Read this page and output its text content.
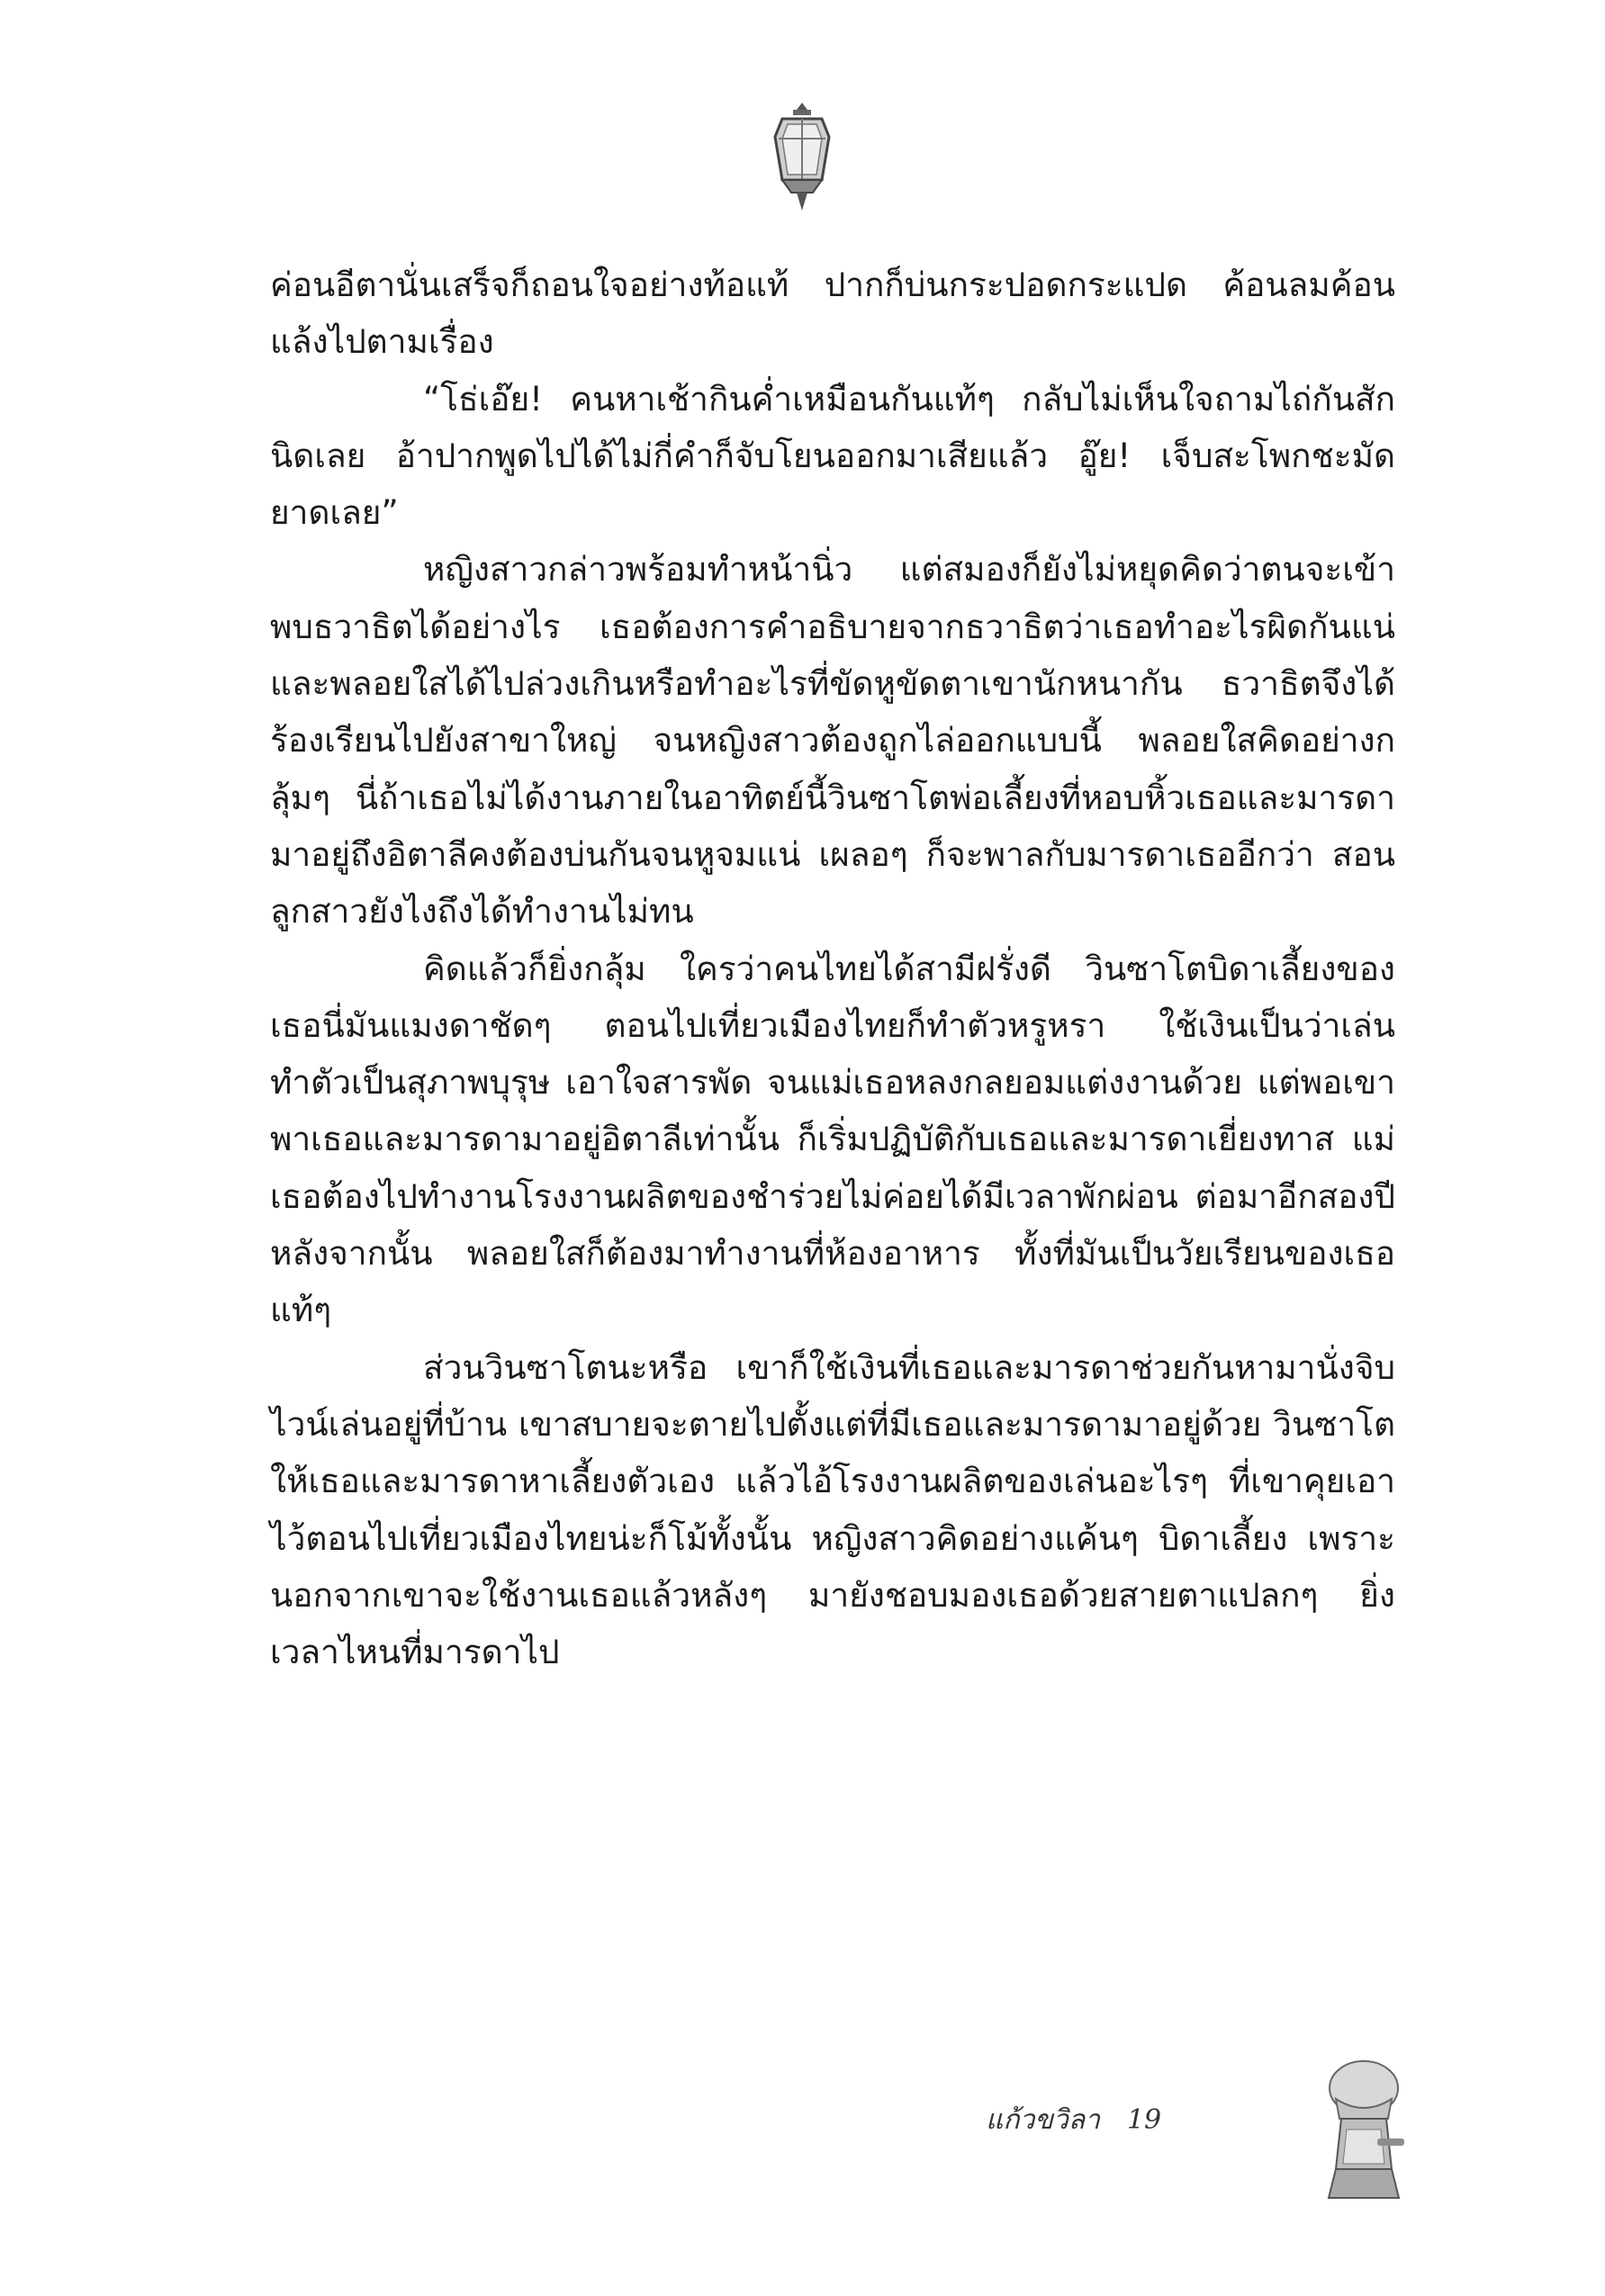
ค่อนอีตานั่นเสร็จก็ถอนใจอย่างท้อแท้ ปากก็บ่นกระปอดกระแปด ค้อนลมค้อนแล้งไปตามเรื่อง

“โธ่เอ๊ย! คนหาเช้ากินค่ำเหมือนกันแท้ๆ กลับไม่เห็นใจถามไถ่กันสักนิดเลย อ้าปากพูดไปได้ไม่กี่คำก็จับโยนออกมาเสียแล้ว อู๊ย! เจ็บสะโพกชะมัดยาดเลย”

หญิงสาวกล่าวพร้อมทำหน้านิ่ว แต่สมองก็ยังไม่หยุดคิดว่าตนจะเข้าพบธวาธิตได้อย่างไร เธอต้องการคำอธิบายจากธวาธิตว่าเธอทำอะไรผิดกันแน่ และพลอยใสได้ไปล่วงเกินหรือทำอะไรที่ขัดหูขัดตาเขานักหนากัน ธวาธิตจึงได้ร้องเรียนไปยังสาขาใหญ่ จนหญิงสาวต้องถูกไล่ออกแบบนี้ พลอยใสคิดอย่างกลุ้มๆ นี่ถ้าเธอไม่ได้งานภายในอาทิตย์นี้วินซาโตพ่อเลี้ยงที่หอบหิ้วเธอและมารดามาอยู่ถึงอิตาลีคงต้องบ่นกันจนหูจมแน่ เผลอๆ ก็จะพาลกับมารดาเธออีกว่า สอนลูกสาวยังไงถึงได้ทำงานไม่ทน

คิดแล้วก็ยิ่งกลุ้ม ใครว่าคนไทยได้สามีฝรั่งดี วินซาโตบิดาเลี้ยงของเธอนี่มันแมงดาชัดๆ ตอนไปเที่ยวเมืองไทยก็ทำตัวหรูหรา ใช้เงินเป็นว่าเล่น ทำตัวเป็นสุภาพบุรุษ เอาใจสารพัด จนแม่เธอหลงกลยอมแต่งงานด้วย แต่พอเขาพาเธอและมารดามาอยู่อิตาลีเท่านั้น ก็เริ่มปฏิบัติกับเธอและมารดาเยี่ยงทาส แม่เธอต้องไปทำงานโรงงานผลิตของชำร่วยไม่ค่อยได้มีเวลาพักผ่อน ต่อมาอีกสองปีหลังจากนั้น พลอยใสก็ต้องมาทำงานที่ห้องอาหาร ทั้งที่มันเป็นวัยเรียนของเธอแท้ๆ

ส่วนวินซาโตนะหรือ เขาก็ใช้เงินที่เธอและมารดาช่วยกันหามานั่งจิบไวน์เล่นอยู่ที่บ้าน เขาสบายจะตายไปตั้งแต่ที่มีเธอและมารดามาอยู่ด้วย วินซาโตให้เธอและมารดาหาเลี้ยงตัวเอง แล้วไอ้โรงงานผลิตของเล่นอะไรๆ ที่เขาคุยเอาไว้ตอนไปเที่ยวเมืองไทยน่ะก็โม้ทั้งนั้น หญิงสาวคิดอย่างแค้นๆ บิดาเลี้ยง เพราะนอกจากเขาจะใช้งานเธอแล้วหลังๆ มายังชอบมองเธอด้วยสายตาแปลกๆ ยิ่งเวลาไหนที่มารดาไป

แก้วขวิลา 19
